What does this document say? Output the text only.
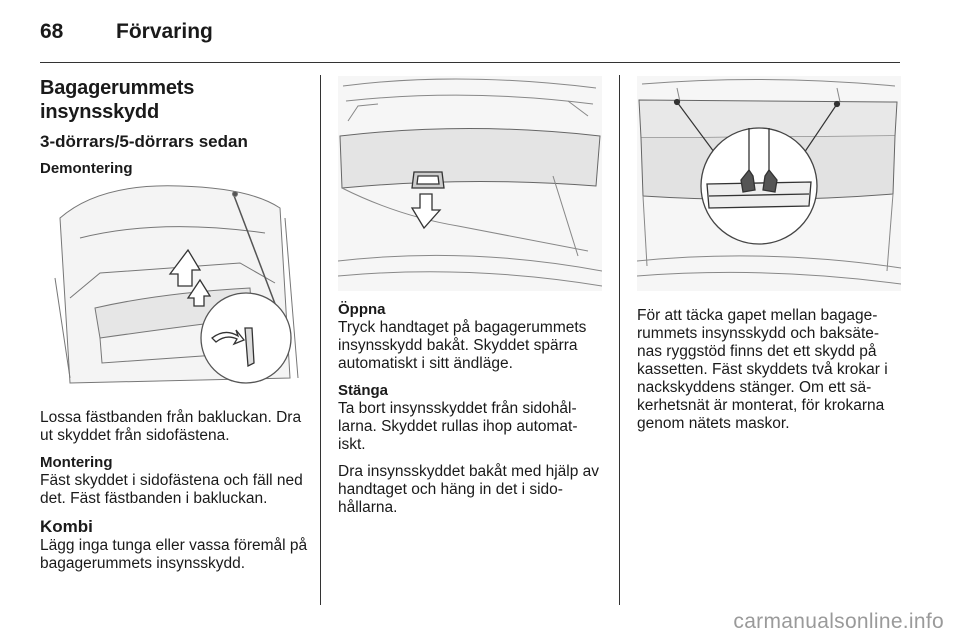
68	Förvaring
Bagagerummets insynsskydd
3-dörrars/5-dörrars sedan
Demontering

Lossa fästbanden från bakluckan. Dra ut skyddet från sidofästena.

Montering

Fäst skyddet i sidofästena och fäll ned det. Fäst fästbanden i bakluckan.

Kombi

Lägg inga tunga eller vassa föremål på bagagerummets insynsskydd.

Öppna

Tryck handtaget på bagagerummets insynsskydd bakåt. Skyddet spärra automatiskt i sitt ändläge.

Stänga

Ta bort insynsskyddet från sidohål-larna. Skyddet rullas ihop automat-iskt.

Dra insynsskyddet bakåt med hjälp av handtaget och häng in det i sido-hållarna.

För att täcka gapet mellan bagage-rummets insynsskydd och baksäte-nas ryggstöd finns det ett skydd på kassetten. Fäst skyddets två krokar i nackskyddens stänger. Om ett sä-kerhetsnät är monterat, för krokarna genom nätets maskor.

carmanualsonline.info
